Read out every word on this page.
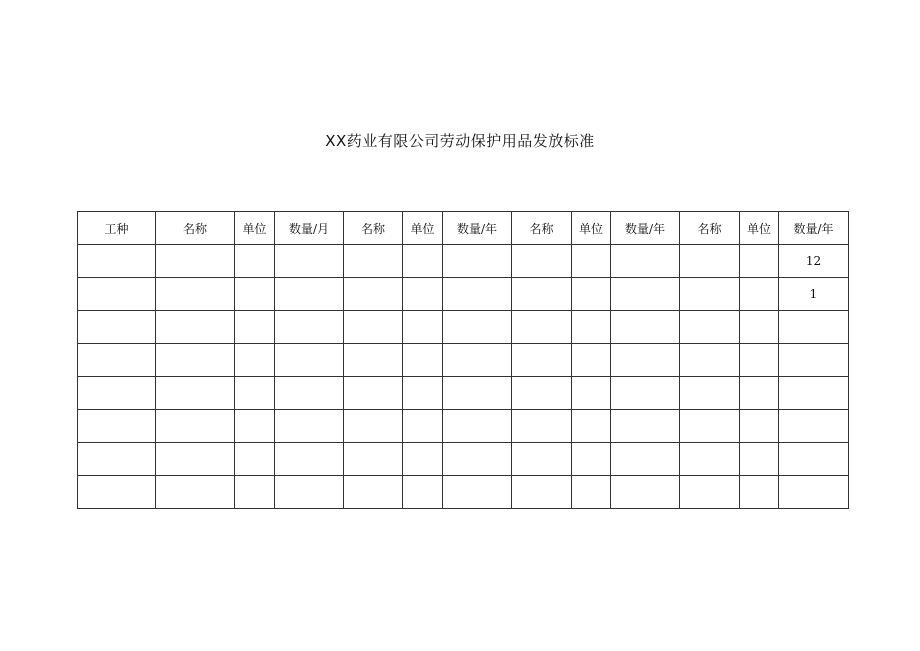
XX药业有限公司劳动保护用品发放标准
工种	名称	单位	数量/月	名称	单位	数量/年	名称	单位	数量/年	名称	单位	数量/年
												12
												1
